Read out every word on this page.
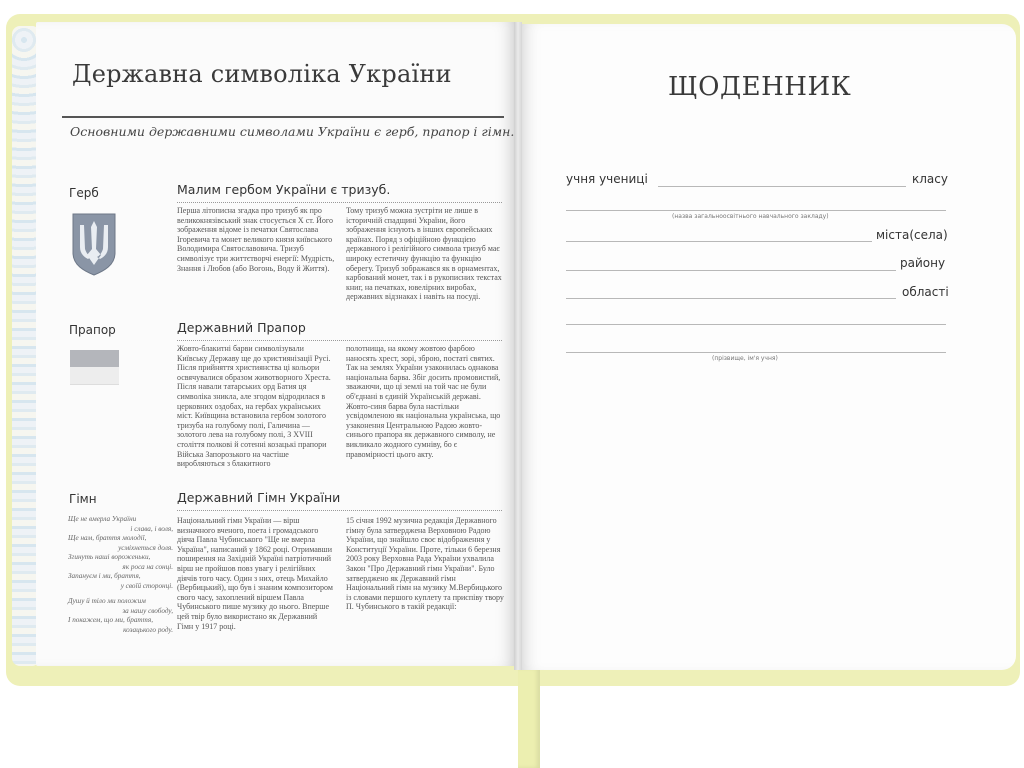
Державна символіка України
Основними державними символами України є герб, прапор і гімн.
Герб	Малим гербом України є тризуб.
Перша літописна згадка про тризуб як про великокнязівський знак стосується X ст. Його зображення відоме із печатки Святослава Ігоревича та монет великого князя київського Володимира Святославовича. Тризуб символізує три життєтворчі енергії: Мудрість, Знання і Любов (або Вогонь, Воду й Життя).
Тому тризуб можна зустріти не лише в історичній спадщині України, його зображення існують в інших європейських країнах. Поряд з офіційною функцією державного і релігійного символа тризуб має широку естетичну функцію та функцію оберегу. Тризуб зображався як в орнаментах, карбований монет, так і в рукописних текстах книг, на печатках, ювелірних виробах, державних відзнаках і навіть на посуді.
Прапор	Державний Прапор
Жовто-блакитні барви символізували Київську Державу ще до християнізації Русі. Після прийняття християнства ці кольори освячувалися образом животворного Хреста. Після навали татарських орд Батия ця символіка зникла, але згодом відродилася в церковних оздобах, на гербах українських міст. Київщина встановила гербом золотого тризуба на голубому полі, Галичина — золотого лева на голубому полі, З XVIII століття полкові й сотенні козацькі прапори Війська Запорозького на частіше виробляються з блакитного
полотнища, на якому жовтою фарбою наносять хрест, зорі, зброю, постаті святих. Так на землях України узаконилась однакова національна барва. Збіг досить промовистий, зважаючи, що ці землі на той час не були об'єднані в єдиній Українській державі. Жовто-синя барва була настільки усвідомленою як національна українська, що узаконення Центральною Радою жовто-синього прапора як державного символу, не викликало жодного сумніву, бо є правомірності цього акту.
Гімн	Державний Гімн України
Ще не вмерла України
і слава, і воля,
Ще нам, браття молодії,
усміхнеться доля.
Згинуть наші вороженьки,
як роса на сонці.
Запануєм і ми, браття,
у своїй сторонці.
Душу й тіло ми положим
за нашу свободу,
І покажем, що ми, браття,
козацького роду.
Національний гімн України — вірш визначного вченого, поета і громадського діяча Павла Чубинського "Ще не вмерла Україна", написаний у 1862 році. Отримавши поширення на Західній Україні патріотичний вірш не пройшов повз увагу і релігійних діячів того часу. Один з них, отець Михайло (Вербицький), що був і знаним композитором свого часу, захоплений віршем Павла Чубинського пише музику до нього. Вперше цей твір було використано як Державний Гімн у 1917 році.
15 січня 1992 музична редакція Державного гімну була затверджена Верховною Радою України, що знайшло своє відображення у Конституції України. Проте, тільки 6 березня 2003 року Верховна Рада України ухвалила Закон "Про Державний гімн України". Було затверджено як Державний гімн Національний гімн на музику М.Вербицького із словами першого куплету та приспіву твору П. Чубинського в такій редакції:
ЩОДЕННИК
учня учениці	класу
(назва загальноосвітнього навчального закладу)
міста(села)
району
області
(прізвище, ім'я учня)
